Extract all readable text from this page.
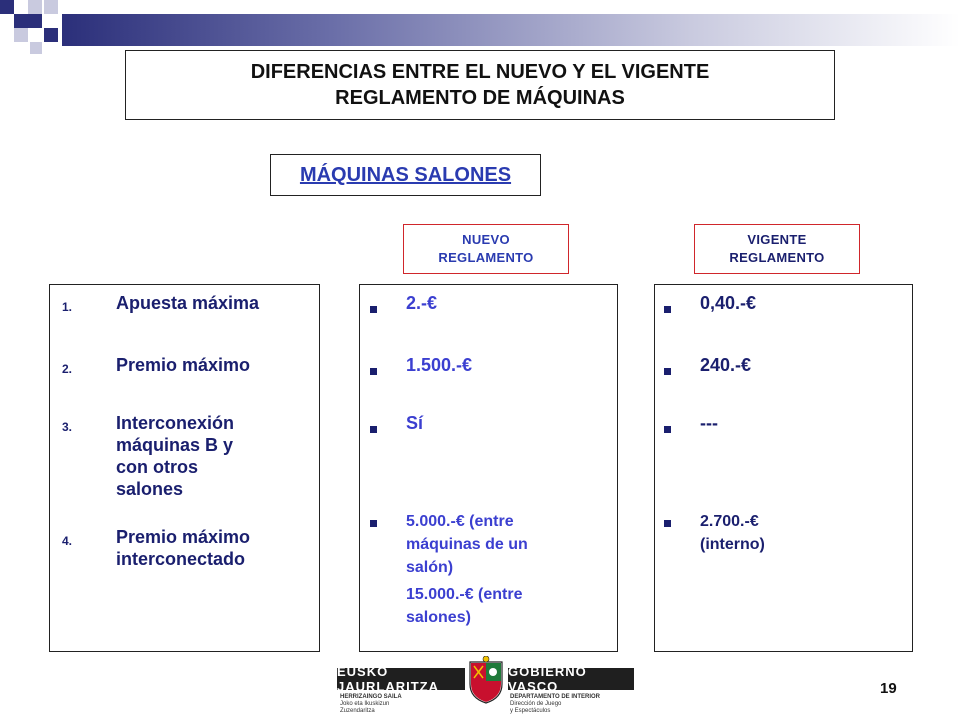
DIFERENCIAS ENTRE EL NUEVO Y EL VIGENTE
REGLAMENTO DE MÁQUINAS
MÁQUINAS SALONES
NUEVO
REGLAMENTO
VIGENTE
REGLAMENTO
1. Apuesta máxima
2. Premio máximo
3. Interconexión
máquinas B y
con otros
salones
4. Premio máximo
interconectado
2.-€
1.500.-€
Sí
5.000.-€ (entre
máquinas de un
salón)
15.000.-€ (entre
salones)
0,40.-€
240.-€
---
2.700.-€
(interno)
EUSKO JAURLARITZA
GOBIERNO VASCO
HERRIZAINGO SAILA
Joko eta Ikuskizun
Zuzendaritza
DEPARTAMENTO DE INTERIOR
Dirección de Juego
y Espectáculos
19
